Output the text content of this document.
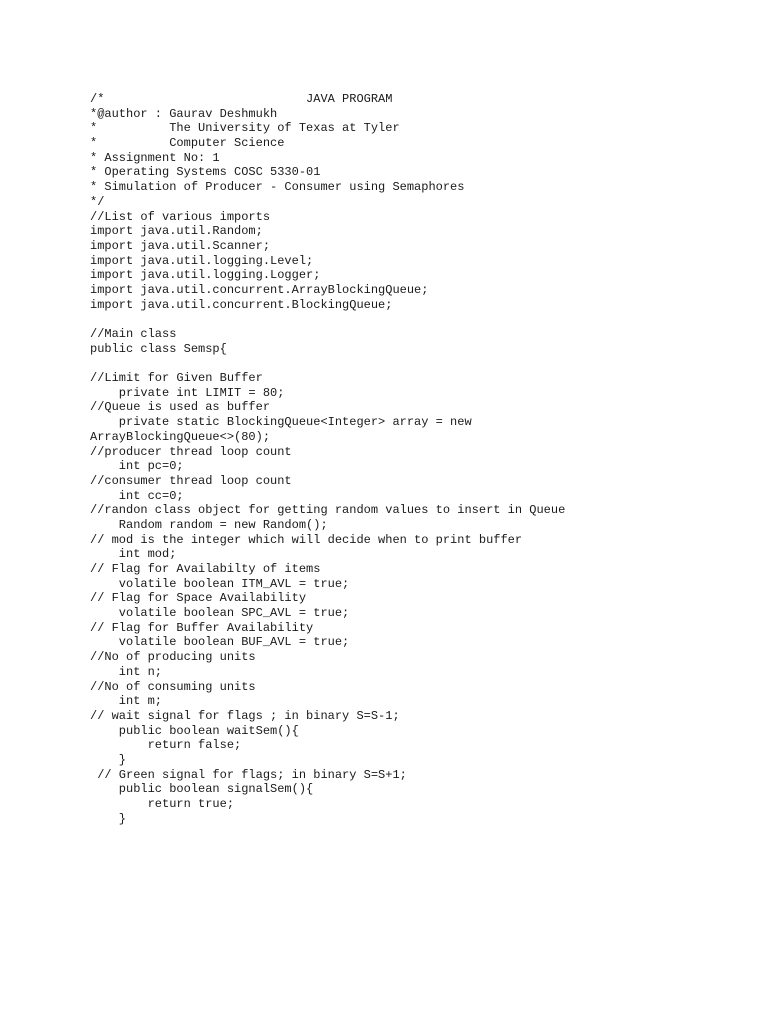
/*                            JAVA PROGRAM
*@author : Gaurav Deshmukh
*          The University of Texas at Tyler
*          Computer Science
* Assignment No: 1
* Operating Systems COSC 5330-01
* Simulation of Producer - Consumer using Semaphores
*/
//List of various imports
import java.util.Random;
import java.util.Scanner;
import java.util.logging.Level;
import java.util.logging.Logger;
import java.util.concurrent.ArrayBlockingQueue;
import java.util.concurrent.BlockingQueue;
//Main class
public class Semsp{
//Limit for Given Buffer
private int LIMIT = 80;
//Queue is used as buffer
private static BlockingQueue<Integer> array = new
ArrayBlockingQueue<>(80);
//producer thread loop count
int pc=0;
//consumer thread loop count
int cc=0;
//randon class object for getting random values to insert in Queue
Random random = new Random();
// mod is the integer which will decide when to print buffer
int mod;
// Flag for Availabilty of items
volatile boolean ITM_AVL = true;
// Flag for Space Availability
volatile boolean SPC_AVL = true;
// Flag for Buffer Availability
volatile boolean BUF_AVL = true;
//No of producing units
int n;
//No of consuming units
int m;
// wait signal for flags ; in binary S=S-1;
public boolean waitSem(){
return false;
}
// Green signal for flags; in binary S=S+1;
public boolean signalSem(){
return true;
}
